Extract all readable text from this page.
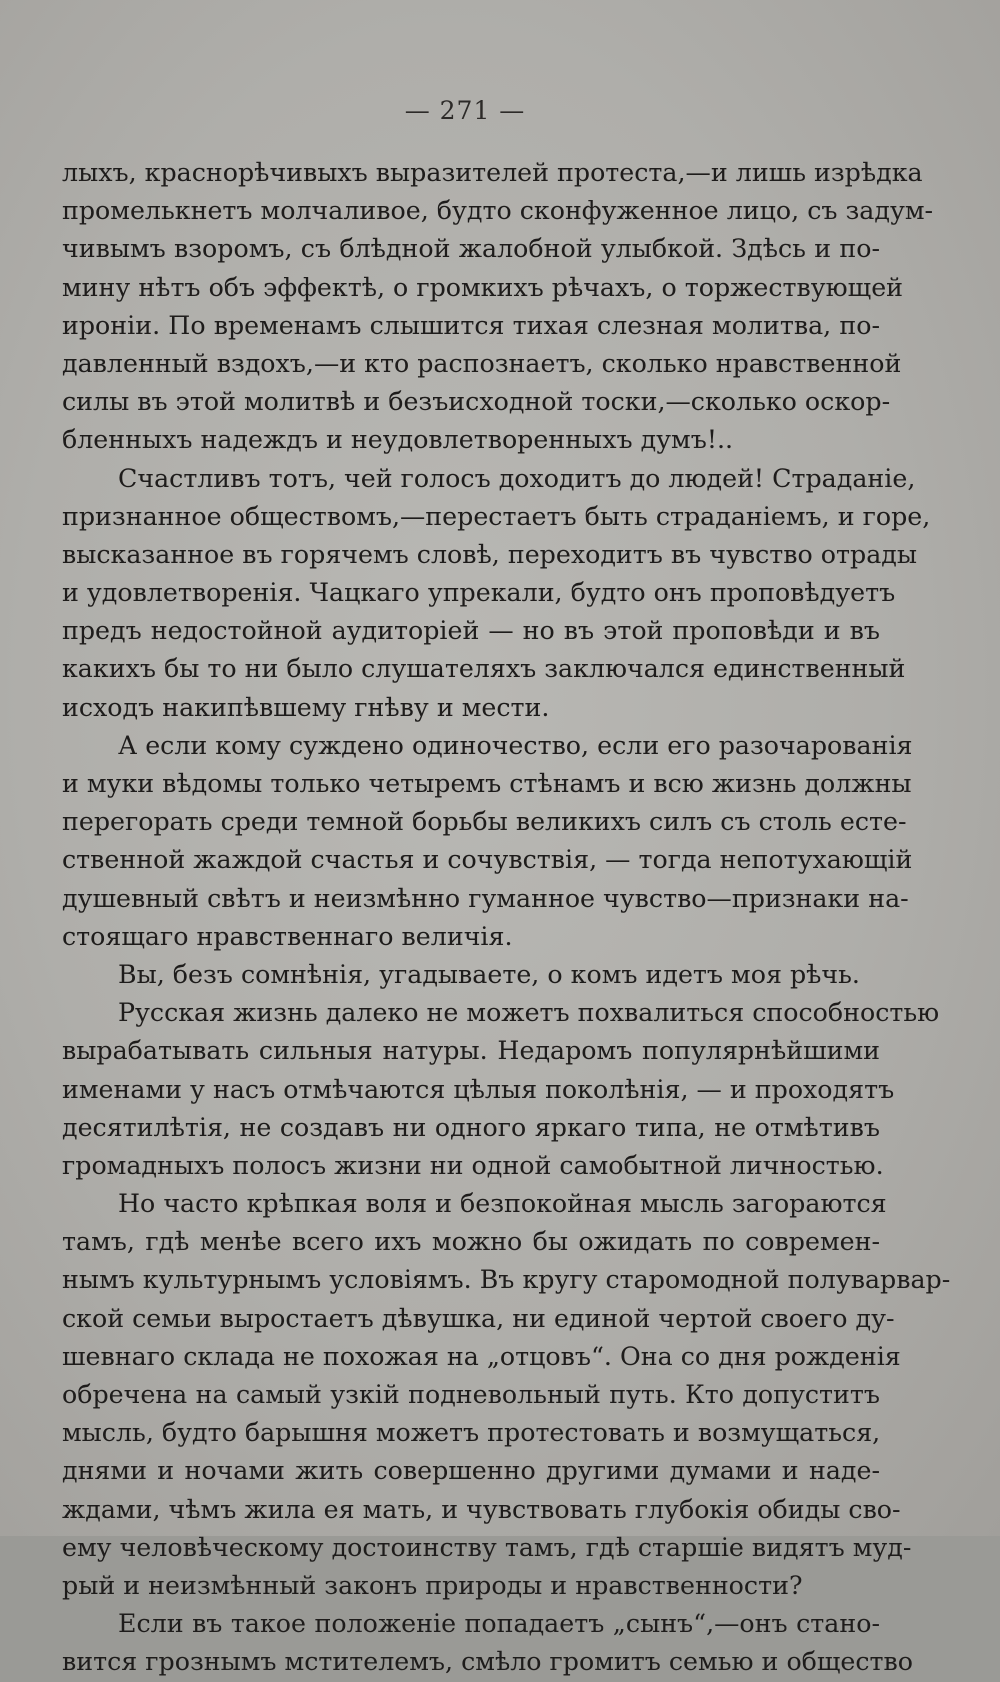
— 271 —
лыхъ, краснорѣчивыхъ выразителей протеста,—и лишь изрѣдка
промелькнетъ молчаливое, будто сконфуженное лицо, съ задум-
чивымъ взоромъ, съ блѣдной жалобной улыбкой. Здѣсь и по-
мину нѣтъ объ эффектѣ, о громкихъ рѣчахъ, о торжествующей
ироніи. По временамъ слышится тихая слезная молитва, по-
давленный вздохъ,—и кто распознаетъ, сколько нравственной
силы въ этой молитвѣ и безъисходной тоски,—сколько оскор-
бленныхъ надеждъ и неудовлетворенныхъ думъ!..
Счастливъ тотъ, чей голосъ доходитъ до людей! Страданіе,
признанное обществомъ,—перестаетъ быть страданіемъ, и горе,
высказанное въ горячемъ словѣ, переходитъ въ чувство отрады
и удовлетворенія. Чацкаго упрекали, будто онъ проповѣдуетъ
предъ недостойной аудиторіей — но въ этой проповѣди и въ
какихъ бы то ни было слушателяхъ заключался единственный
исходъ накипѣвшему гнѣву и мести.
А если кому суждено одиночество, если его разочарованія
и муки вѣдомы только четыремъ стѣнамъ и всю жизнь должны
перегорать среди темной борьбы великихъ силъ съ столь есте-
ственной жаждой счастья и сочувствія, — тогда непотухающій
душевный свѣтъ и неизмѣнно гуманное чувство—признаки на-
стоящаго нравственнаго величія.
Вы, безъ сомнѣнія, угадываете, о комъ идетъ моя рѣчь.
Русская жизнь далеко не можетъ похвалиться способностью
вырабатывать сильныя натуры. Недаромъ популярнѣйшими
именами у насъ отмѣчаются цѣлыя поколѣнія, — и проходятъ
десятилѣтія, не создавъ ни одного яркаго типа, не отмѣтивъ
громадныхъ полосъ жизни ни одной самобытной личностью.
Но часто крѣпкая воля и безпокойная мысль загораются
тамъ, гдѣ менѣе всего ихъ можно бы ожидать по современ-
нымъ культурнымъ условіямъ. Въ кругу старомодной полуварвар-
ской семьи выростаетъ дѣвушка, ни единой чертой своего ду-
шевнаго склада не похожая на „отцовъ“. Она со дня рожденія
обречена на самый узкій подневольный путь. Кто допуститъ
мысль, будто барышня можетъ протестовать и возмущаться,
днями и ночами жить совершенно другими думами и наде-
ждами, чѣмъ жила ея мать, и чувствовать глубокія обиды сво-
ему человѣческому достоинству тамъ, гдѣ старшіе видятъ муд-
рый и неизмѣнный законъ природы и нравственности?
Если въ такое положеніе попадаетъ „сынъ“,—онъ стано-
вится грознымъ мстителемъ, смѣло громитъ семью и общество
